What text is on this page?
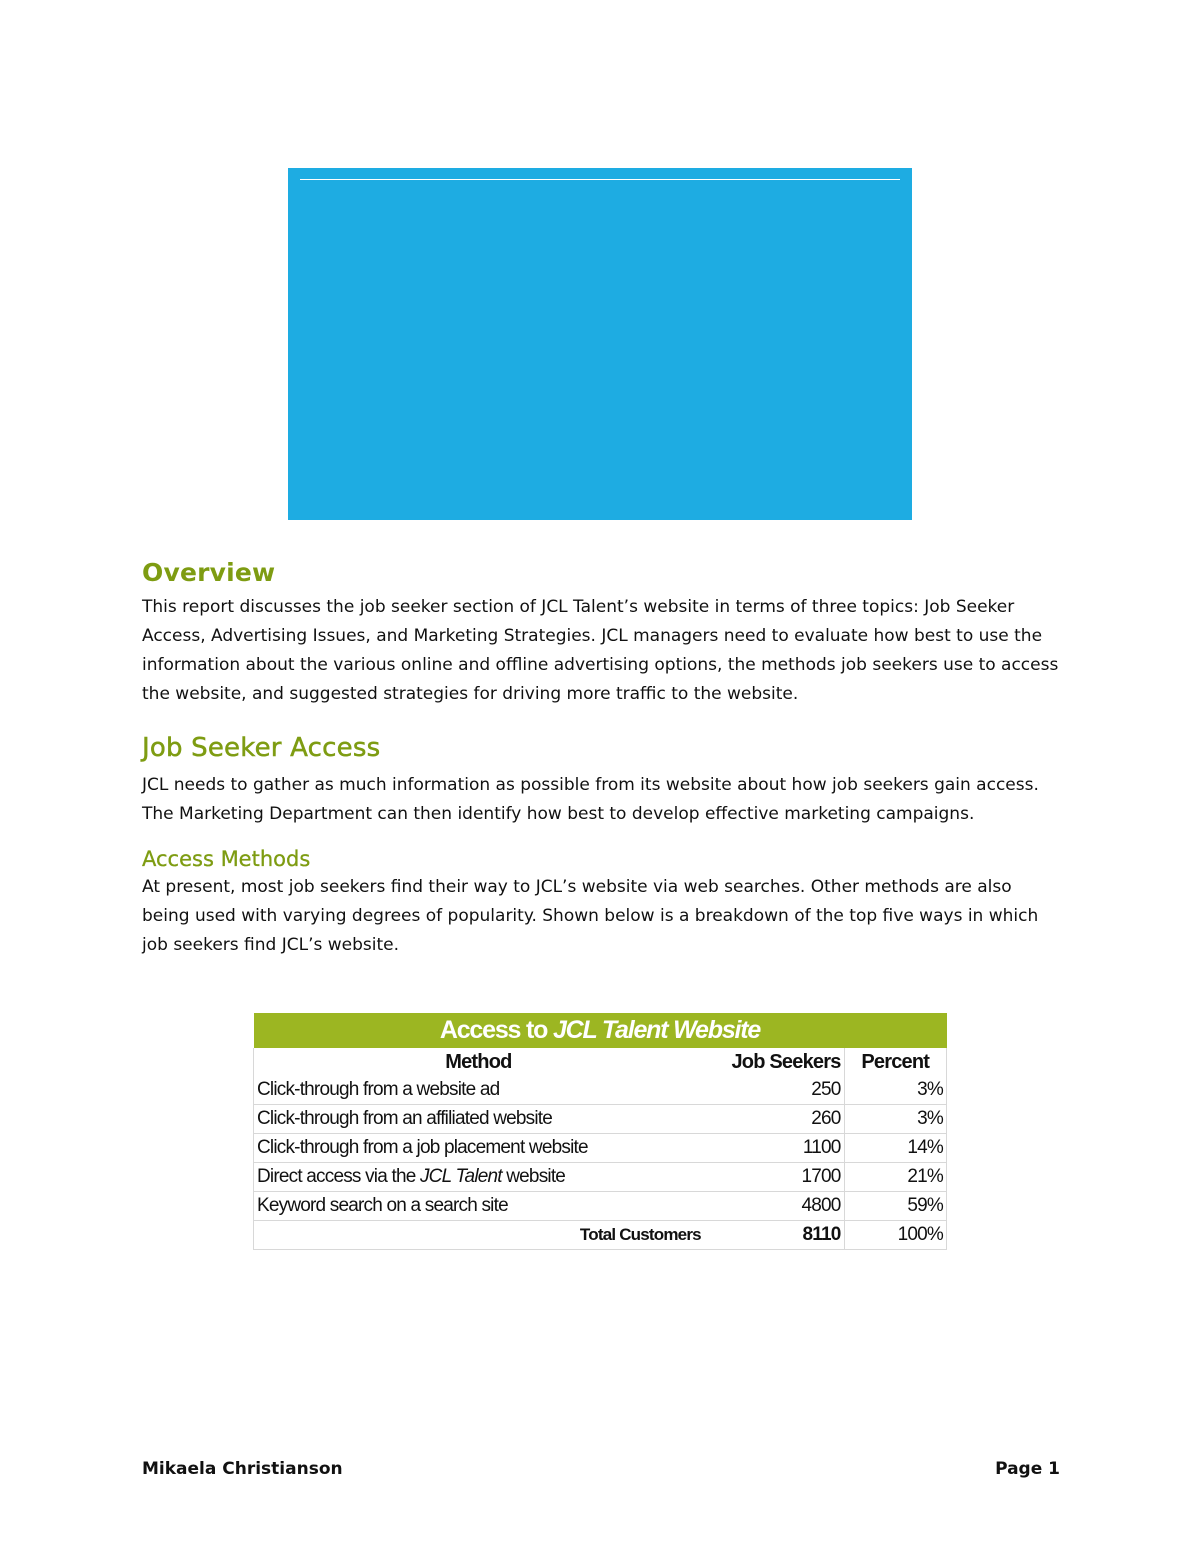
Overview

This report discusses the job seeker section of JCL Talent’s website in terms of three topics: Job Seeker Access, Advertising Issues, and Marketing Strategies. JCL managers need to evaluate how best to use the information about the various online and offline advertising options, the methods job seekers use to access the website, and suggested strategies for driving more traffic to the website.

Job Seeker Access

JCL needs to gather as much information as possible from its website about how job seekers gain access. The Marketing Department can then identify how best to develop effective marketing campaigns.

Access Methods

At present, most job seekers find their way to JCL’s website via web searches. Other methods are also being used with varying degrees of popularity. Shown below is a breakdown of the top five ways in which job seekers find JCL’s website.

Access to JCL Talent Website		
Method	Job Seekers	Percent
Click-through from a website ad	250	3%
Click-through from an affiliated website	260	3%
Click-through from a job placement website	1100	14%
Direct access via the JCL Talent website	1700	21%
Keyword search on a search site	4800	59%
Total Customers	8110	100%
Mikaela Christianson	Page 1
